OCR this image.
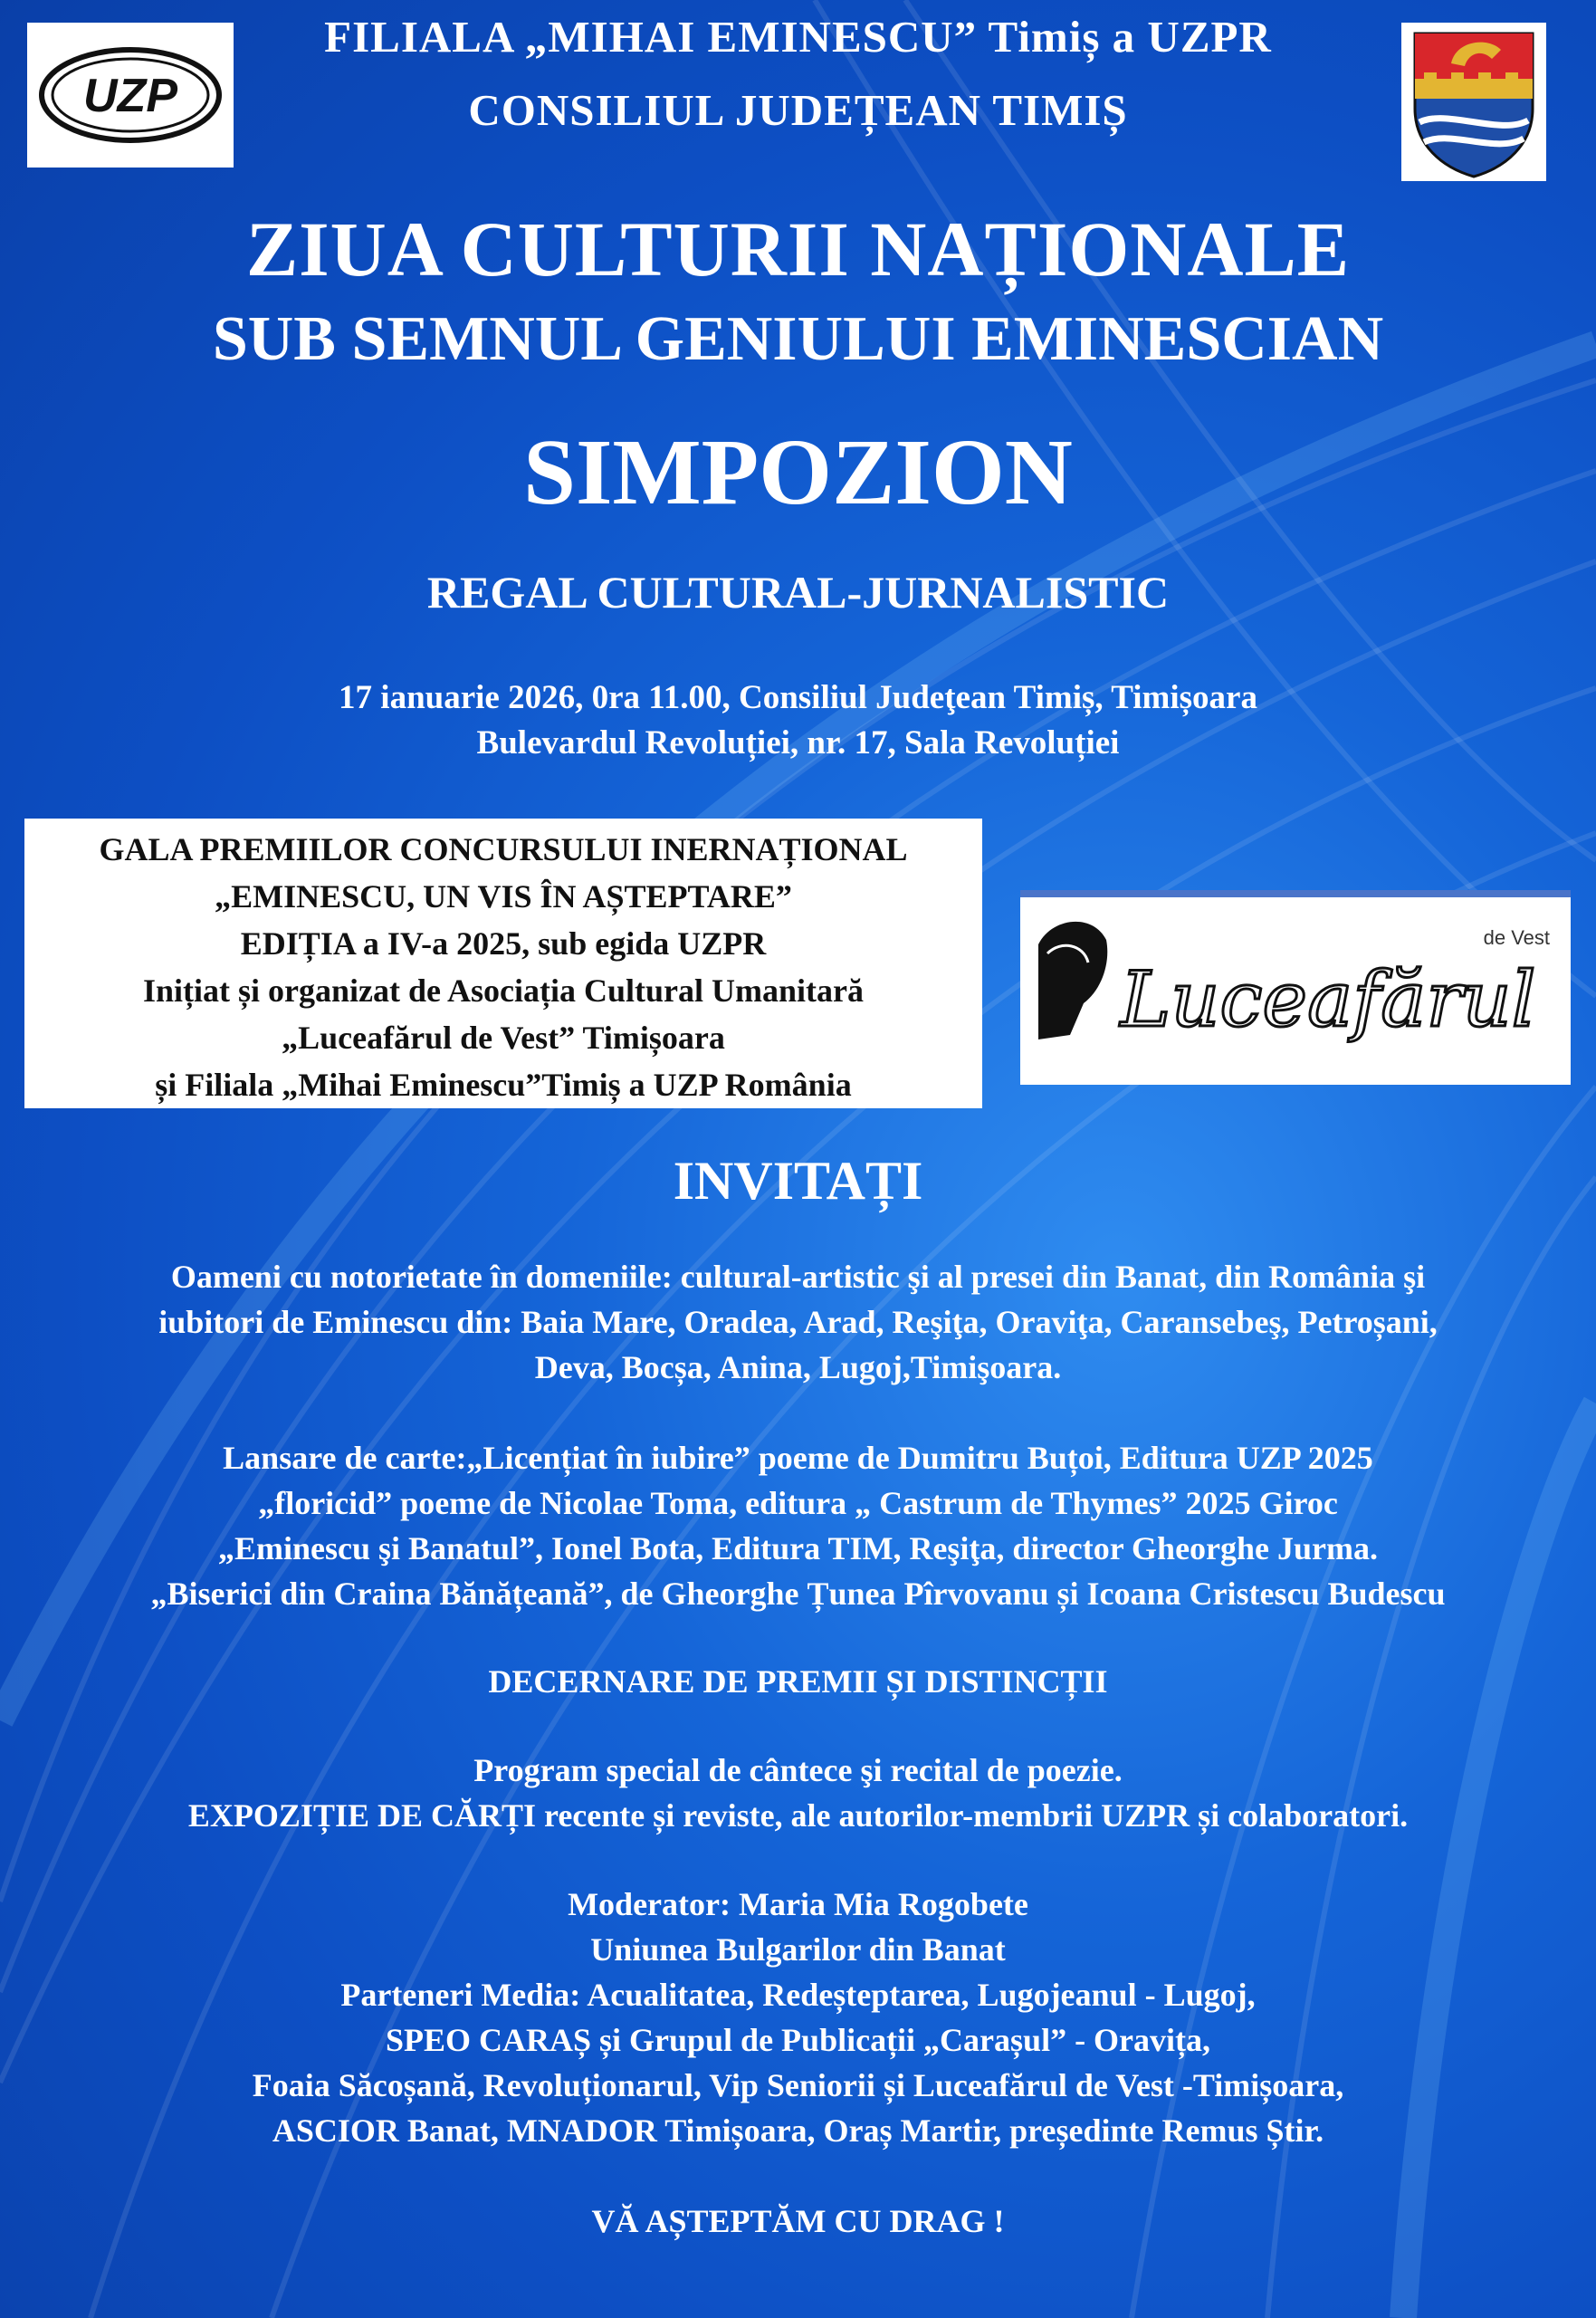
UZP
FILIALA „MIHAI EMINESCU” Timiș a UZPR
CONSILIUL JUDEȚEAN TIMIȘ
ZIUA CULTURII NAȚIONALE
SUB SEMNUL GENIULUI EMINESCIAN
SIMPOZION
REGAL CULTURAL-JURNALISTIC
17 ianuarie 2026, 0ra 11.00, Consiliul Judeţean Timiș, Timișoara
Bulevardul Revoluției, nr. 17, Sala Revoluției
GALA PREMIILOR CONCURSULUI INERNAȚIONAL
„EMINESCU, UN VIS ÎN AȘTEPTARE”
EDIȚIA a IV-a 2025, sub egida UZPR
Inițiat și organizat de Asociația Cultural Umanitară
„Luceafărul de Vest” Timișoara
și Filiala „Mihai Eminescu”Timiș a UZP România
de Vest
Luceafărul
INVITAȚI
Oameni cu notorietate în domeniile: cultural-artistic şi al presei din Banat, din România şi
iubitori de Eminescu din: Baia Mare, Oradea, Arad, Reşiţa, Oraviţa, Caransebeş, Petroșani,
Deva, Bocșa, Anina, Lugoj,Timişoara.
Lansare de carte:„Licențiat în iubire” poeme de Dumitru Buțoi, Editura UZP 2025
„floricid” poeme de Nicolae Toma, editura „ Castrum de Thymes” 2025 Giroc
„Eminescu şi Banatul”, Ionel Bota, Editura TIM, Reşiţa, director Gheorghe Jurma.
„Biserici din Craina Bănățeană”, de Gheorghe Țunea Pîrvovanu și Icoana Cristescu Budescu
DECERNARE DE PREMII ȘI DISTINCȚII
Program special de cântece şi recital de poezie.
EXPOZIȚIE DE CĂRȚI recente și reviste, ale autorilor-membrii UZPR și colaboratori.
Moderator: Maria Mia Rogobete
Uniunea Bulgarilor din Banat
Parteneri Media: Acualitatea, Redeșteptarea, Lugojeanul - Lugoj,
SPEO CARAȘ și Grupul de Publicații „Carașul” - Oravița,
Foaia Săcoșană, Revoluționarul, Vip Seniorii și Luceafărul de Vest -Timișoara,
ASCIOR Banat, MNADOR Timișoara, Oraș Martir, președinte Remus Știr.
VĂ AȘTEPTĂM CU DRAG !
